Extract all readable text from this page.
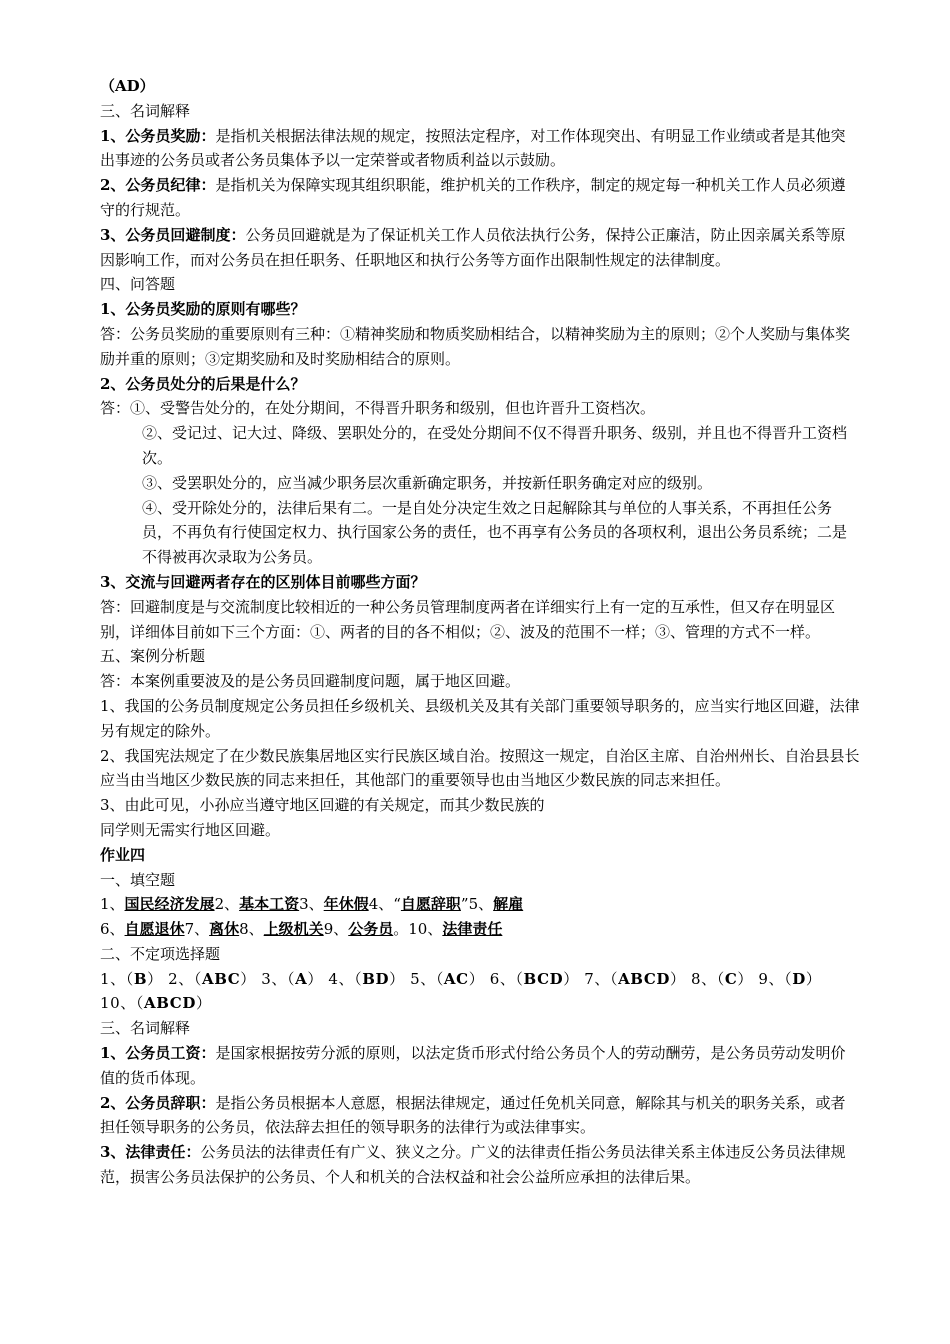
（AD）
三、名词解释
1、公务员奖励：是指机关根据法律法规的规定，按照法定程序，对工作体现突出、有明显工作业绩或者是其他突出事迹的公务员或者公务员集体予以一定荣誉或者物质利益以示鼓励。
2、公务员纪律：是指机关为保障实现其组织职能，维护机关的工作秩序，制定的规定每一种机关工作人员必须遵守的行规范。
3、公务员回避制度：公务员回避就是为了保证机关工作人员依法执行公务，保持公正廉洁，防止因亲属关系等原因影响工作，而对公务员在担任职务、任职地区和执行公务等方面作出限制性规定的法律制度。
四、问答题
1、公务员奖励的原则有哪些？
答：公务员奖励的重要原则有三种：①精神奖励和物质奖励相结合，以精神奖励为主的原则；②个人奖励与集体奖励并重的原则；③定期奖励和及时奖励相结合的原则。
2、公务员处分的后果是什么？
答：①、受警告处分的，在处分期间，不得晋升职务和级别，但也许晋升工资档次。
②、受记过、记大过、降级、罢职处分的，在受处分期间不仅不得晋升职务、级别，并且也不得晋升工资档次。
③、受罢职处分的，应当减少职务层次重新确定职务，并按新任职务确定对应的级别。
④、受开除处分的，法律后果有二。一是自处分决定生效之日起解除其与单位的人事关系，不再担任公务员，不再负有行使国定权力、执行国家公务的责任，也不再享有公务员的各项权利，退出公务员系统；二是不得被再次录取为公务员。
3、交流与回避两者存在的区别体目前哪些方面？
答：回避制度是与交流制度比较相近的一种公务员管理制度两者在详细实行上有一定的互承性，但又存在明显区别，详细体目前如下三个方面：①、两者的目的各不相似；②、波及的范围不一样；③、管理的方式不一样。
五、案例分析题
答：本案例重要波及的是公务员回避制度问题，属于地区回避。
1、我国的公务员制度规定公务员担任乡级机关、县级机关及其有关部门重要领导职务的，应当实行地区回避，法律另有规定的除外。
2、我国宪法规定了在少数民族集居地区实行民族区域自治。按照这一规定，自治区主席、自治州州长、自治县县长应当由当地区少数民族的同志来担任，其他部门的重要领导也由当地区少数民族的同志来担任。
3、由此可见，小孙应当遵守地区回避的有关规定，而其少数民族的
同学则无需实行地区回避。
作业四
一、填空题
1、国民经济发展2、基本工资3、年休假4、“自愿辞职”5、解雇
6、自愿退休7、离休8、上级机关9、公务员。10、法律责任
二、不定项选择题
1、（B） 2、（ABC） 3、（A） 4、（BD） 5、（AC） 6、（BCD） 7、（ABCD） 8、（C） 9、（D） 10、（ABCD）
三、名词解释
1、公务员工资：是国家根据按劳分派的原则，以法定货币形式付给公务员个人的劳动酬劳，是公务员劳动发明价值的货币体现。
2、公务员辞职：是指公务员根据本人意愿，根据法律规定，通过任免机关同意，解除其与机关的职务关系，或者担任领导职务的公务员，依法辞去担任的领导职务的法律行为或法律事实。
3、法律责任：公务员法的法律责任有广义、狭义之分。广义的法律责任指公务员法律关系主体违反公务员法律规范，损害公务员法保护的公务员、个人和机关的合法权益和社会公益所应承担的法律后果。
